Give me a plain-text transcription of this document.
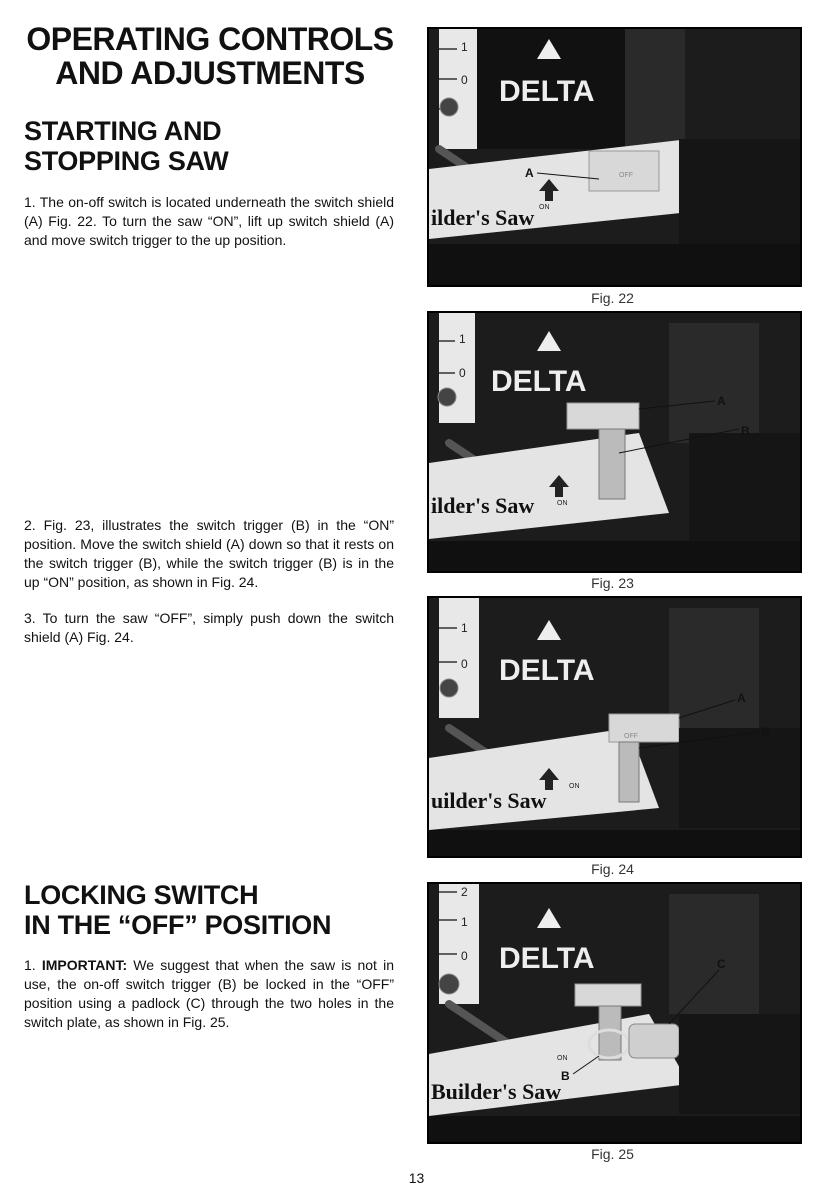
OPERATING CONTROLS
AND ADJUSTMENTS
STARTING AND
STOPPING SAW

1. The on-off switch is located underneath the switch shield (A) Fig. 22. To turn the saw “ON”, lift up switch shield (A) and move switch trigger to the up position.

2. Fig. 23, illustrates the switch trigger (B) in the “ON” position. Move the switch shield (A) down so that it rests on the switch trigger (B), while the switch trigger (B) is in the up “ON” position, as shown in Fig. 24.

3. To turn the saw “OFF”, simply push down the switch shield (A) Fig. 24.

LOCKING SWITCH
IN THE “OFF” POSITION

1. IMPORTANT: We suggest that when the saw is not in use, the on-off switch trigger (B) be locked in the “OFF” position using a padlock (C) through the two holes in the switch plate, as shown in Fig. 25.

1
0 DELTA
ilder's Saw ON
OFF
A
Fig. 22
1
0 DELTA
ilder's Saw	ON
A
B
Fig. 23
1
0 DELTA
uilder's Saw
ON
OFF
A
B
Fig. 24
2
1
0 DELTA
Builder's Saw
ON
C
B
Fig. 25
13
